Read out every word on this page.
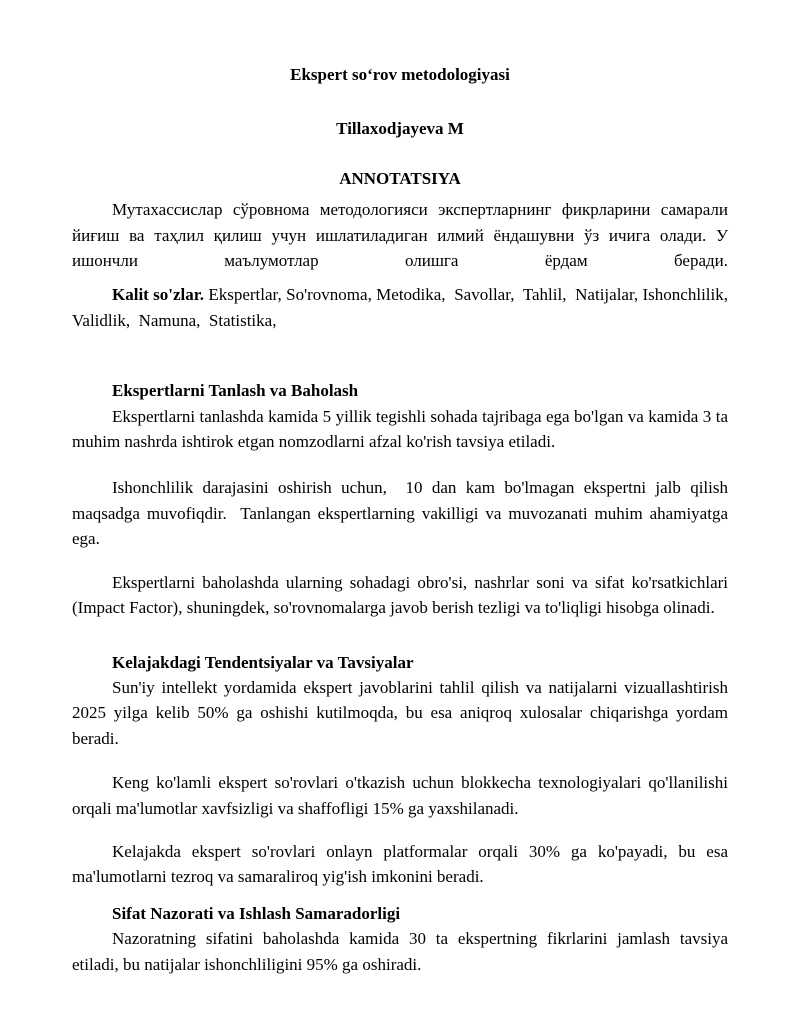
Ekspert so‘rov metodologiyasi
Tillaxodjayeva M
ANNOTATSIYA
Мутахассислар сўровнома методологияси экспертларнинг фикрларини самарали йиғиш ва таҳлил қилиш учун ишлатиладиган илмий ёндашувни ўз ичига олади. У ишончли маълумотлар олишга ёрдам беради.
Kalit so'zlar. Ekspertlar, So'rovnoma, Metodika,  Savollar,  Tahlil,  Natijalar, Ishonchlilik,  Validlik,  Namuna,  Statistika,
Ekspertlarni Tanlash va Baholash
Ekspertlarni tanlashda kamida 5 yillik tegishli sohada tajribaga ega bo'lgan va kamida 3 ta muhim nashrda ishtirok etgan nomzodlarni afzal ko'rish tavsiya etiladi.
Ishonchlilik darajasini oshirish uchun,  10 dan kam bo'lmagan ekspertni jalb qilish maqsadga muvofiqdir.  Tanlangan ekspertlarning vakilligi va muvozanati muhim ahamiyatga ega.
Ekspertlarni baholashda ularning sohadagi obro'si, nashrlar soni va sifat ko'rsatkichlari (Impact Factor), shuningdek, so'rovnomalarga javob berish tezligi va to'liqligi hisobga olinadi.
Kelajakdagi Tendentsiyalar va Tavsiyalar
Sun'iy intellekt yordamida ekspert javoblarini tahlil qilish va natijalarni vizuallashtirish 2025 yilga kelib 50% ga oshishi kutilmoqda, bu esa aniqroq xulosalar chiqarishga yordam beradi.
Keng ko'lamli ekspert so'rovlari o'tkazish uchun blokkecha texnologiyalari qo'llanilishi orqali ma'lumotlar xavfsizligi va shaffofligi 15% ga yaxshilanadi.
Kelajakda ekspert so'rovlari onlayn platformalar orqali 30% ga ko'payadi, bu esa ma'lumotlarni tezroq va samaraliroq yig'ish imkonini beradi.
Sifat Nazorati va Ishlash Samaradorligi
Nazoratning sifatini baholashda kamida 30 ta ekspertning fikrlarini jamlash tavsiya etiladi, bu natijalar ishonchliligini 95% ga oshiradi.
